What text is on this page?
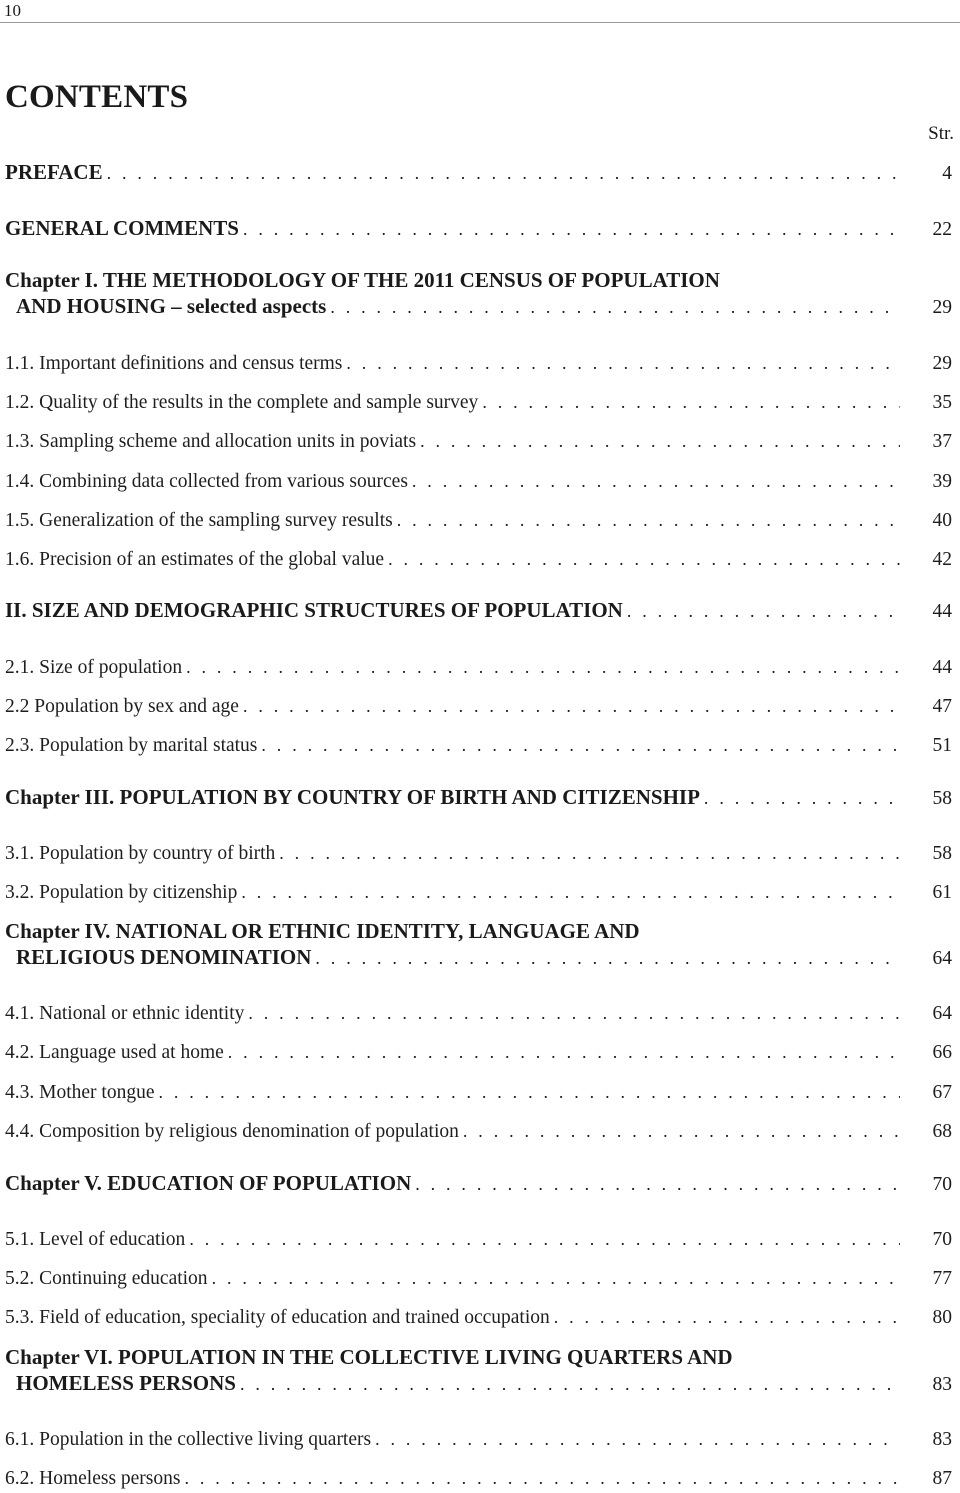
10
CONTENTS
Str.
PREFACE . . .	4
GENERAL COMMENTS . . .	22
Chapter I. THE METHODOLOGY OF THE 2011 CENSUS OF POPULATION
AND HOUSING – selected aspects . . .	29
1.1. Important definitions and census terms . . .	29
1.2. Quality of the results in the complete and sample survey . . .	35
1.3. Sampling scheme and allocation units in poviats . . .	37
1.4. Combining data collected from various sources . . .	39
1.5. Generalization of the sampling survey results . . .	40
1.6. Precision of an estimates of the global value . . .	42
II. SIZE AND DEMOGRAPHIC STRUCTURES OF POPULATION . . .	44
2.1. Size of population . . .	44
2.2 Population by sex and age . . .	47
2.3. Population by marital status . . .	51
Chapter III. POPULATION BY COUNTRY OF BIRTH AND CITIZENSHIP . . .	58
3.1. Population by country of birth . . .	58
3.2. Population by citizenship . . .	61
Chapter IV. NATIONAL OR ETHNIC IDENTITY, LANGUAGE AND
RELIGIOUS DENOMINATION . . .	64
4.1. National or ethnic identity . . .	64
4.2. Language used at home . . .	66
4.3. Mother tongue . . .	67
4.4. Composition by religious denomination of population . . .	68
Chapter V. EDUCATION OF POPULATION . . .	70
5.1. Level of education . . .	70
5.2. Continuing education . . .	77
5.3. Field of education, speciality of education and trained occupation . . .	80
Chapter VI. POPULATION IN THE COLLECTIVE LIVING QUARTERS AND
HOMELESS PERSONS . . .	83
6.1. Population in the collective living quarters . . .	83
6.2. Homeless persons . . .	87
